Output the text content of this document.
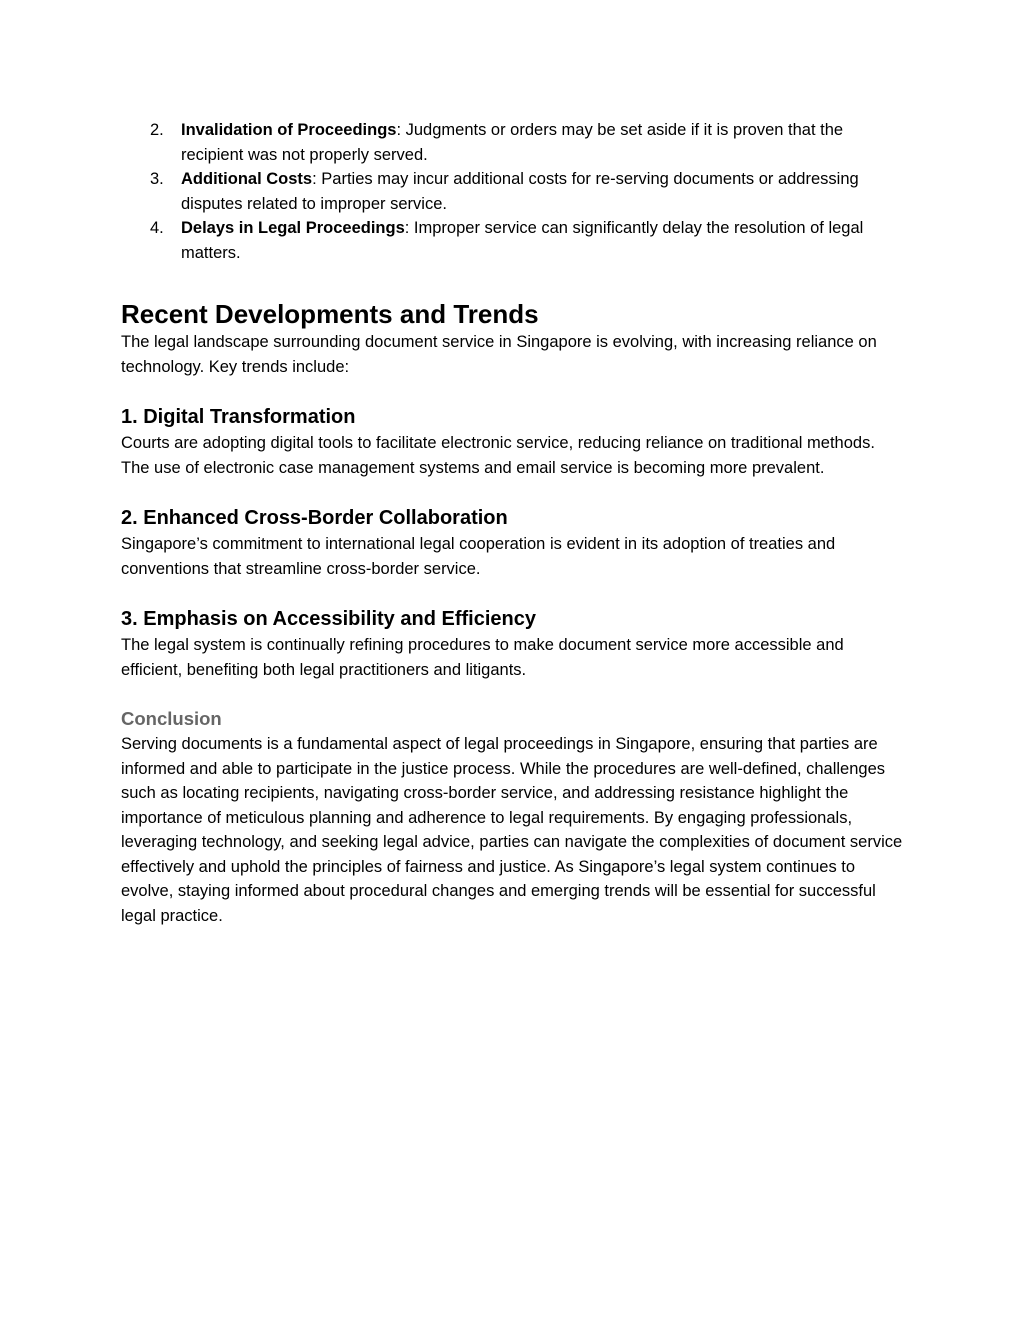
2. Invalidation of Proceedings: Judgments or orders may be set aside if it is proven that the recipient was not properly served.
3. Additional Costs: Parties may incur additional costs for re-serving documents or addressing disputes related to improper service.
4. Delays in Legal Proceedings: Improper service can significantly delay the resolution of legal matters.
Recent Developments and Trends

The legal landscape surrounding document service in Singapore is evolving, with increasing reliance on technology. Key trends include:

1. Digital Transformation

Courts are adopting digital tools to facilitate electronic service, reducing reliance on traditional methods. The use of electronic case management systems and email service is becoming more prevalent.

2. Enhanced Cross-Border Collaboration

Singapore’s commitment to international legal cooperation is evident in its adoption of treaties and conventions that streamline cross-border service.

3. Emphasis on Accessibility and Efficiency

The legal system is continually refining procedures to make document service more accessible and efficient, benefiting both legal practitioners and litigants.

Conclusion

Serving documents is a fundamental aspect of legal proceedings in Singapore, ensuring that parties are informed and able to participate in the justice process. While the procedures are well-defined, challenges such as locating recipients, navigating cross-border service, and addressing resistance highlight the importance of meticulous planning and adherence to legal requirements. By engaging professionals, leveraging technology, and seeking legal advice, parties can navigate the complexities of document service effectively and uphold the principles of fairness and justice. As Singapore’s legal system continues to evolve, staying informed about procedural changes and emerging trends will be essential for successful legal practice.
